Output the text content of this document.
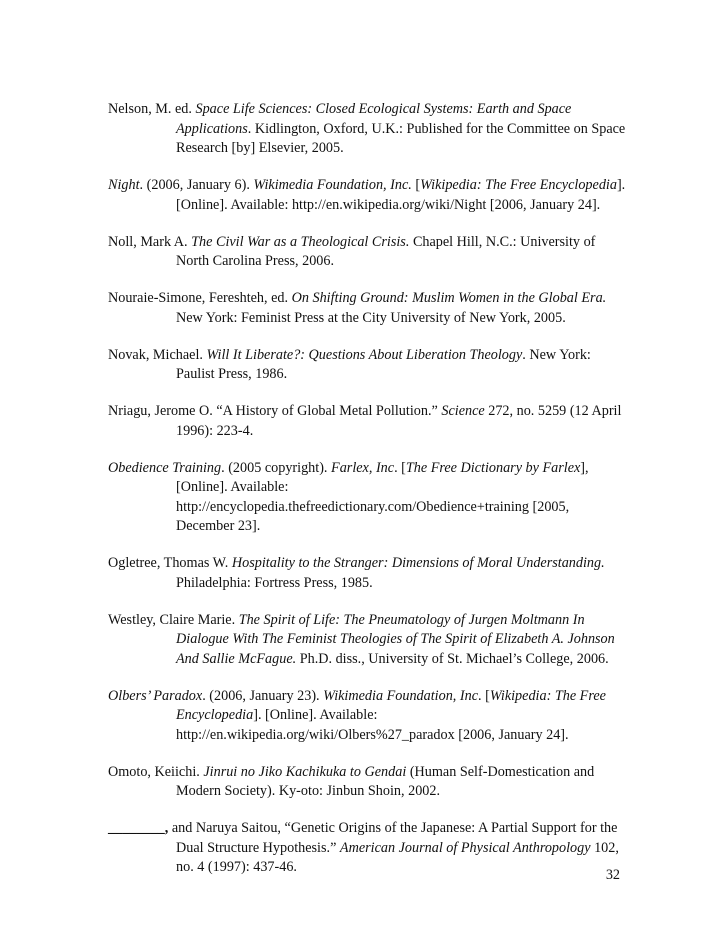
Nelson, M. ed. Space Life Sciences: Closed Ecological Systems: Earth and Space Applications. Kidlington, Oxford, U.K.: Published for the Committee on Space Research [by] Elsevier, 2005.

Night. (2006, January 6). Wikimedia Foundation, Inc. [Wikipedia: The Free Encyclopedia]. [Online]. Available: http://en.wikipedia.org/wiki/Night [2006, January 24].

Noll, Mark A. The Civil War as a Theological Crisis. Chapel Hill, N.C.: University of North Carolina Press, 2006.

Nouraie-Simone, Fereshteh, ed. On Shifting Ground: Muslim Women in the Global Era. New York: Feminist Press at the City University of New York, 2005.

Novak, Michael. Will It Liberate?: Questions About Liberation Theology. New York: Paulist Press, 1986.

Nriagu, Jerome O. “A History of Global Metal Pollution.” Science 272, no. 5259 (12 April 1996): 223-4.

Obedience Training. (2005 copyright). Farlex, Inc. [The Free Dictionary by Farlex], [Online]. Available: http://encyclopedia.thefreedictionary.com/Obedience+training [2005, December 23].

Ogletree, Thomas W. Hospitality to the Stranger: Dimensions of Moral Understanding. Philadelphia: Fortress Press, 1985.

Westley, Claire Marie. The Spirit of Life: The Pneumatology of Jurgen Moltmann In Dialogue With The Feminist Theologies of The Spirit of Elizabeth A. Johnson And Sallie McFague. Ph.D. diss., University of St. Michael’s College, 2006.

Olbers’ Paradox. (2006, January 23). Wikimedia Foundation, Inc. [Wikipedia: The Free Encyclopedia]. [Online]. Available: http://en.wikipedia.org/wiki/Olbers%27_paradox [2006, January 24].

Omoto, Keiichi. Jinrui no Jiko Kachikuka to Gendai (Human Self-Domestication and Modern Society). Ky-oto: Jinbun Shoin, 2002.

________, and Naruya Saitou, “Genetic Origins of the Japanese: A Partial Support for the Dual Structure Hypothesis.” American Journal of Physical Anthropology 102, no. 4 (1997): 437-46.	32
